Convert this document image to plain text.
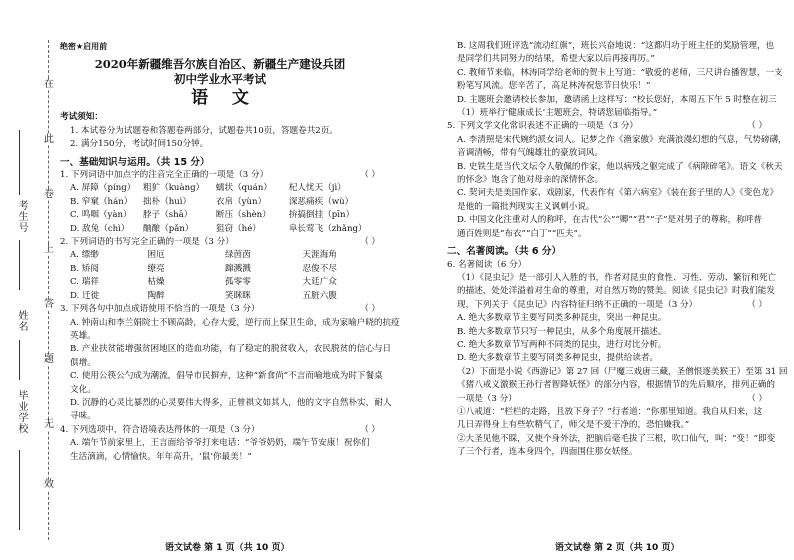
在
此
卷
上
答
题
无
效
考生号
姓名
毕业学校

绝密★启用前

2020年新疆维吾尔族自治区、新疆生产建设兵团

初中学业水平考试

语    文

考试须知：

1. 本试卷分为试题卷和答题卷两部分，试题卷共10页，答题卷共2页。

2. 满分150分，考试时间150分钟。

一、基础知识与运用。（共 15 分）

1. 下列词语中加点字的注音完全正确的一项是（3 分）	（ ）

A. 屏障（píng） 粗犷（kuàng）	蠕状（quán）	杞人忧天（jì）
B. 窄窠（hán）	拙朴（huì）	衣帛（yùn）	深恶痛疾（wù）
C. 鸣咽（yàn）	脖子（shā）	断压（shèn）	拚搞倒挂（pīn）
D. 敌兔（chì）	酗酿（pǎn）	狙窃（hé）	阜长莺飞（zhǎng）

2. 下列词语的书写完全正确的一项是（3 分）	（ ）

A. 缥缈	困厄	绿茵茵	天涯海角
B. 矫阅	缭亮	蹿溅溅	忍俊不尽
C. 瑞祥	枯燥	孤零零	大廷广众
D. 迁徙	陶醉	笑眯眯	五脏六腹

3. 下列各句中加点成语使用不恰当的一项是（3 分）	（ ）

A. 钟南山和李兰娟院士不顾高龄，心存大爱，逆行而上保卫生命，成为家喻户晓的抗疫

英雄。

B. 产业扶贫能增强贫困地区的造血功能，有了稳定的脱贫收入，农民脱贫的信心与日

俱增。

C. 使用公筷公勺成为潮流，倡导市民摒弃，这种“新食尚”不言而喻地成为时下餐桌

文化。

D. 沉静的心灵比暴烈的心灵要伟大得多，正曾祺文如其人，他的文字自然朴实，耐人

寻味。

4. 下列选项中，符合语境表达得体的一项是（3 分）	（ ）

A. 端午节前家里上，王言面给爷爷打来电话：“爷爷奶奶，端午节安康！祝你们

生活滴滴，心情愉快。年年高升，‘鼠’你最美！”

B. 这周我们班评选“流动红旗”，班长兴奋地说：“这都归功于班主任的奖励管理，也

是同学们共同努力的结果，希望大家以后再接再厉。”

C. 教师节来临，林涛同学给老师的贺卡上写道：“敬爱的老师，三尺讲台播智慧，一支

粉笔写风流。您辛苦了，高足林涛祝您节日快乐！”

D. 主题班会邀请校长参加，邀请函上这样写：“校长您好，本周五下午 5 时整在初三

（1）班举行‘健康成长’主题班会，特请您届临指导。”

5. 下列文学文化常识表述不正确的一项是（3 分）	（ ）

A. 李清照是宋代婉约派女词人。记梦之作《渔家傲》充满浪漫幻想的气息，气势磅礴，

音调清畅，带有气魄雄壮的豪放词风。

B. 史铁生是当代文坛令人敬佩的作家，他以病残之躯完成了《病隙碎笔》。语文《秋天

的怀念》饱含了他对母亲的深情怀念。

C. 契诃夫是美国作家、戏剧家，代表作有《第六病室》《装在套子里的人》《变色龙》

是他的一篇批判现实主义讽刺小说。

D. 中国文化注重对人的称呼，在古代“公”“卿”“君”“子”是对男子的尊称，称呼普

通百姓则是“布衣”“白丁”“匹夫”。

二、名著阅读。（共 6 分）

6. 名著阅读（6 分）

（1）《昆虫记》是一部引人入胜的书，作者对昆虫的食性、习性、劳动、繁衍和死亡

的描述，处处洋溢着对生命的尊重，对自然万物的赞美。阅读《昆虫记》时我们能发

现，下列关于《昆虫记》内容特征归纳不正确的一项是（3 分）	（ ）

A. 绝大多数章节主要写同类多种昆虫，突出一种昆虫。

B. 绝大多数章节只写一种昆虫，从多个角度展开描述。

C. 绝大多数章节写两种不同类的昆虫，进行对比分析。

D. 绝大多数章节主要写同类多种昆虫，提供给读者。

（2）下面是小说《西游记》第 27 回（尸魔三戏唐三藏，圣僧恨逐美猴王）至第 31 回

《猪八戒义激猴王孙行者智降妖怪》的部分内容，根据情节的先后顺序，排列正确的

一项是（3 分）	（ ）

①八戒道：“栏栏的走路，且放下身子？”行者道：“你那里知道。我自从归来，这

几日弄得身上有些软精气了，师父是不爱干净的，恐怕嫌我。”

②大圣见他不睬，又使个身外法，把脑后毫毛拔了三根，吹口仙气，叫：“变！”即变

了三个行者，连本身四个，四面围住那女妖怪。

语文试卷 第 1 页（共 10 页）	语文试卷 第 2 页（共 10 页）
